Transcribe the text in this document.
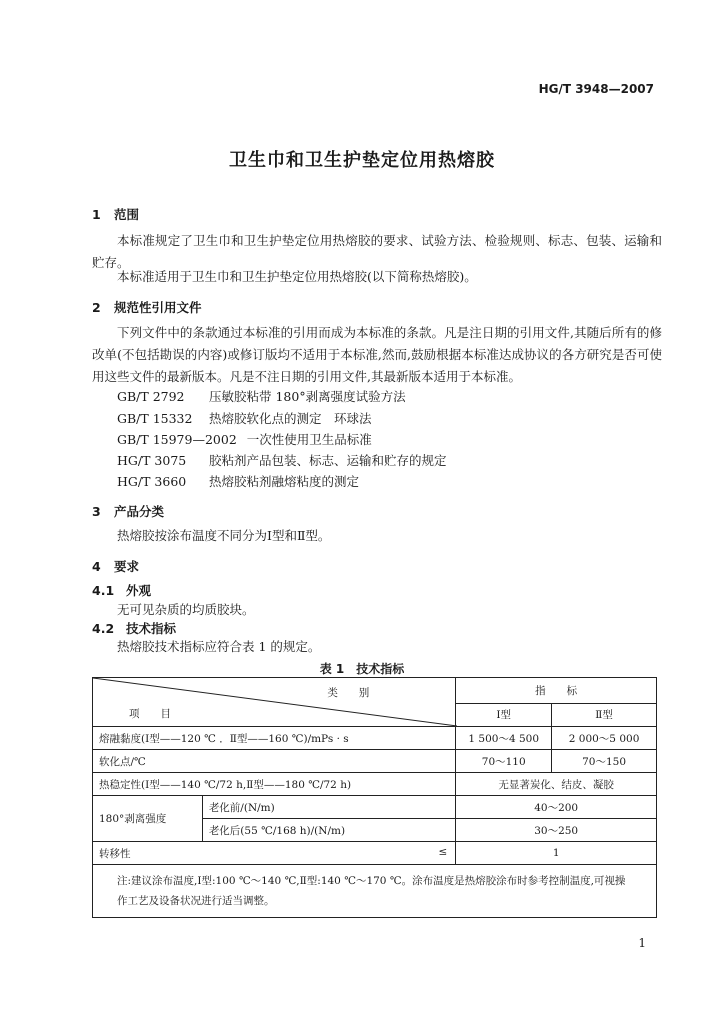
HG/T 3948—2007
卫生巾和卫生护垫定位用热熔胶
1 范围
本标准规定了卫生巾和卫生护垫定位用热熔胶的要求、试验方法、检验规则、标志、包装、运输和贮存。
本标准适用于卫生巾和卫生护垫定位用热熔胶(以下简称热熔胶)。
2 规范性引用文件
下列文件中的条款通过本标准的引用而成为本标准的条款。凡是注日期的引用文件,其随后所有的修改单(不包括勘误的内容)或修订版均不适用于本标准,然而,鼓励根据本标准达成协议的各方研究是否可使用这些文件的最新版本。凡是不注日期的引用文件,其最新版本适用于本标准。
GB/T 2792 压敏胶粘带 180°剥离强度试验方法
GB/T 15332 热熔胶软化点的测定　环球法
GB/T 15979—2002 一次性使用卫生品标准
HG/T 3075 胶粘剂产品包装、标志、运输和贮存的规定
HG/T 3660 热熔胶粘剂融熔粘度的测定
3 产品分类
热熔胶按涂布温度不同分为Ⅰ型和Ⅱ型。
4 要求
4.1 外观
无可见杂质的均质胶块。
4.2 技术指标
热熔胶技术指标应符合表 1 的规定。
表 1　技术指标
类　　别
项　　目		指　　标	
		Ⅰ型	Ⅱ型
熔融黏度(Ⅰ型——120 ℃ ．Ⅱ型——160 ℃)/mPs · s		1 500～4 500	2 000～5 000
软化点/℃		70～110	70～150
热稳定性(Ⅰ型——140 ℃/72 h,Ⅱ型——180 ℃/72 h)		无显著炭化、结皮、凝胶	
180°剥离强度	老化前/(N/m)	40～200	
	老化后(55 ℃/168 h)/(N/m)	30～250	
转移性 ≤		1	
注:建议涂布温度,Ⅰ型:100 ℃～140 ℃,Ⅱ型:140 ℃～170 ℃。涂布温度是热熔胶涂布时参考控制温度,可视操作工艺及设备状况进行适当调整。			
1
